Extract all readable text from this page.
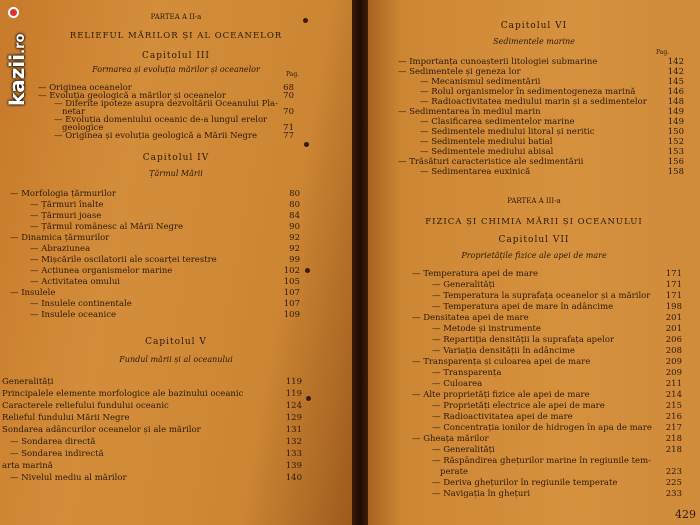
PARTEA A II-a
RELIEFUL MĂRILOR ȘI AL OCEANELOR
Capitolul III
Formarea și evoluția mărilor și oceanelor
Pag.
— Originea oceanelor	68
— Evoluția geologică a mărilor și oceanelor	70
— Diferite ipoteze asupra dezvoltării Oceanului Pla-
netar	70
— Evoluția domeniului oceanic de-a lungul erelor
geologice	71
— Originea și evoluția geologică a Mării Negre	77
Capitolul IV
Țărmul Mării
— Morfologia țărmurilor	80
— Țărmuri înalte	80
— Țărmuri joase	84
— Țărmul românesc al Mării Negre	90
— Dinamica țărmurilor	92
— Abraziunea	92
— Mișcările oscilatorii ale scoarței terestre	99
— Acțiunea organismelor marine	102
— Activitatea omului	105
— Insulele	107
— Insulele continentale	107
— Insulele oceanice	109
Capitolul V
Fundul mării și al oceanului
Generalități	119
Principalele elemente morfologice ale bazinului oceanic	119
Caracterele reliefului fundului oceanic	124
Relieful fundului Mării Negre	129
Sondarea adâncurilor oceanelor și ale mărilor	131
— Sondarea directă	132
— Sondarea indirectă	133
arta marină	139
— Nivelul mediu al mărilor	140
Capitolul VI
Sedimentele marine
Pag.
— Importanța cunoașterii litologiei submarine	142
— Sedimentele și geneza lor	142
— Mecanismul sedimentării	145
— Rolul organismelor în sedimentogeneza marină	146
— Radioactivitatea mediului marin și a sedimentelor	148
— Sedimentarea în mediul marin	149
— Clasificarea sedimentelor marine	149
— Sedimentele mediului litoral și neritic	150
— Sedimentele mediului batial	152
— Sedimentele mediului abisal	153
— Trăsături caracteristice ale sedimentării	156
— Sedimentarea euxinică	158
PARTEA A III-a
FIZICA ȘI CHIMIA MĂRII ȘI OCEANULUI
Capitolul VII
Proprietățile fizice ale apei de mare
— Temperatura apei de mare	171
— Generalități	171
— Temperatura la suprafața oceanelor și a mărilor	171
— Temperatura apei de mare în adâncime	198
— Densitatea apei de mare	201
— Metode și instrumente	201
— Repartiția densității la suprafața apelor	206
— Variația densității în adâncime	208
— Transparența și culoarea apei de mare	209
— Transparența	209
— Culoarea	211
— Alte proprietăți fizice ale apei de mare	214
— Proprietăți electrice ale apei de mare	215
— Radioactivitatea apei de mare	216
— Concentrația ionilor de hidrogen în apa de mare	217
— Gheața mărilor	218
— Generalități	218
— Răspândirea ghețurilor marine în regiunile tem-
perate	223
— Deriva ghețurilor în regiunile temperate	225
— Navigația în ghețuri	233
429
kazii.ro
